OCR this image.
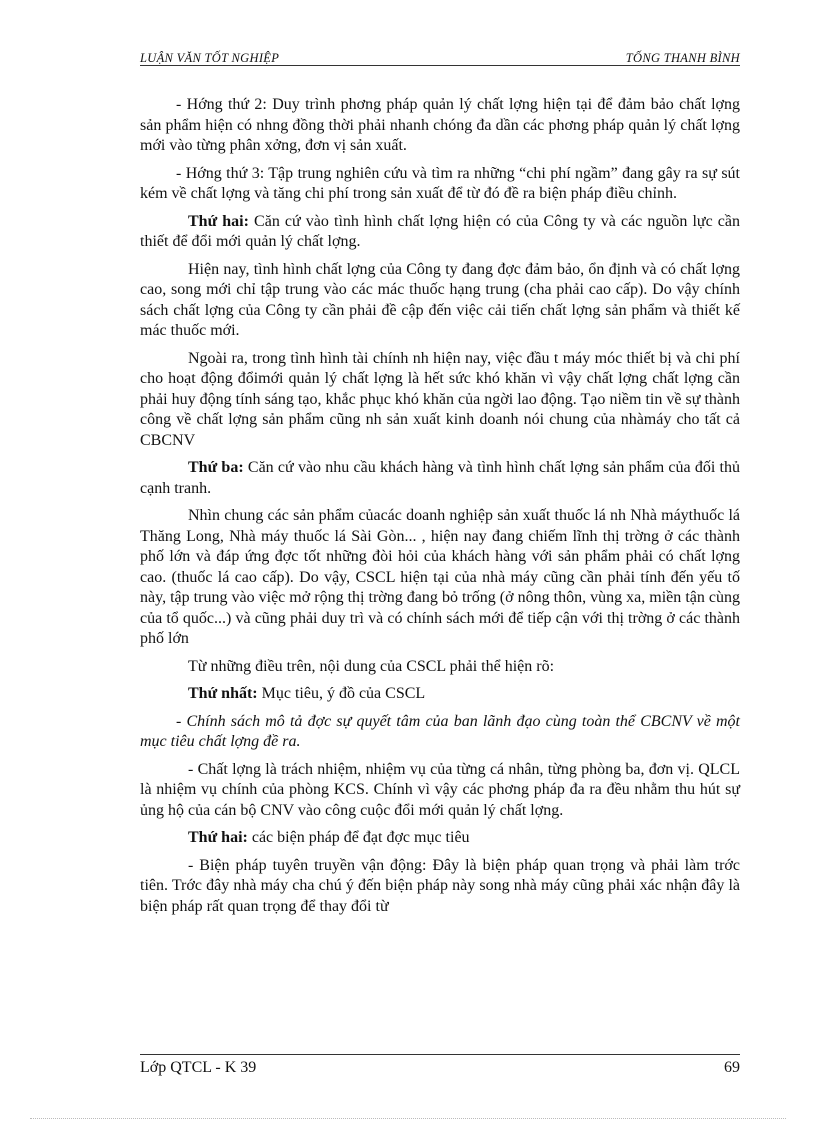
LUẬN VĂN TỐT NGHIỆP	TỐNG THANH BÌNH

- Hớng thứ 2: Duy trình phơng pháp quản lý chất lợng hiện tại để đảm bảo chất lợng sản phẩm hiện có nhng đồng thời phải nhanh chóng đa dần các phơng pháp quản lý chất lợng mới vào từng phân xởng, đơn vị sản xuất.

- Hớng thứ 3: Tập trung nghiên cứu và tìm ra những “chi phí ngầm” đang gây ra sự sút kém về chất lợng và tăng chi phí trong sản xuất để từ đó đề ra biện pháp điều chỉnh.

Thứ hai: Căn cứ vào tình hình chất lợng hiện có của Công ty và các nguồn lực cần thiết để đổi mới quản lý chất lợng.

Hiện nay, tình hình chất lợng của Công ty đang đợc đảm bảo, ổn định và có chất lợng cao, song mới chỉ tập trung vào các mác thuốc hạng trung (cha phải cao cấp). Do vậy chính sách chất lợng của Công ty cần phải đề cập đến việc cải tiến chất lợng sản phẩm và thiết kế mác thuốc mới.

Ngoài ra, trong tình hình tài chính nh hiện nay, việc đầu t máy móc thiết bị và chi phí cho hoạt động đổimới quản lý chất lợng là hết sức khó khăn vì vậy chất lợng chất lợng cần phải huy động tính sáng tạo, khắc phục khó khăn của ngời lao động. Tạo niềm tin về sự thành công về chất lợng sản phẩm cũng nh sản xuất kinh doanh nói chung của nhàmáy cho tất cả CBCNV

Thứ ba: Căn cứ vào nhu cầu khách hàng và tình hình chất lợng sản phẩm của đối thủ cạnh tranh.

Nhìn chung các sản phẩm củacác doanh nghiệp sản xuất thuốc lá nh Nhà máythuốc lá Thăng Long, Nhà máy thuốc lá Sài Gòn... , hiện nay đang chiếm lĩnh thị trờng ở các thành phố lớn và đáp ứng đợc tốt những đòi hỏi của khách hàng với sản phẩm phải có chất lợng cao. (thuốc lá cao cấp). Do vậy, CSCL hiện tại của nhà máy cũng cần phải tính đến yếu tố này, tập trung vào việc mở rộng thị trờng đang bỏ trống (ở nông thôn, vùng xa, miền tận cùng của tổ quốc...) và cũng phải duy trì và có chính sách mới để tiếp cận với thị trờng ở các thành phố lớn

Từ những điều trên, nội dung của CSCL phải thể hiện rõ:

Thứ nhất: Mục tiêu, ý đồ của CSCL

- Chính sách mô tả đợc sự quyết tâm của ban lãnh đạo cùng toàn thể CBCNV về một mục tiêu chất lợng đề ra.

- Chất lợng là trách nhiệm, nhiệm vụ của từng cá nhân, từng phòng ba, đơn vị. QLCL là nhiệm vụ chính của phòng KCS. Chính vì vậy các phơng pháp đa ra đều nhằm thu hút sự ủng hộ của cán bộ CNV vào công cuộc đổi mới quản lý chất lợng.

Thứ hai: các biện pháp để đạt đợc mục tiêu

- Biện pháp tuyên truyền vận động: Đây là biện pháp quan trọng và phải làm trớc tiên. Trớc đây nhà máy cha chú ý đến biện pháp này song nhà máy cũng phải xác nhận đây là biện pháp rất quan trọng để thay đổi từ

Lớp QTCL - K 39	69
